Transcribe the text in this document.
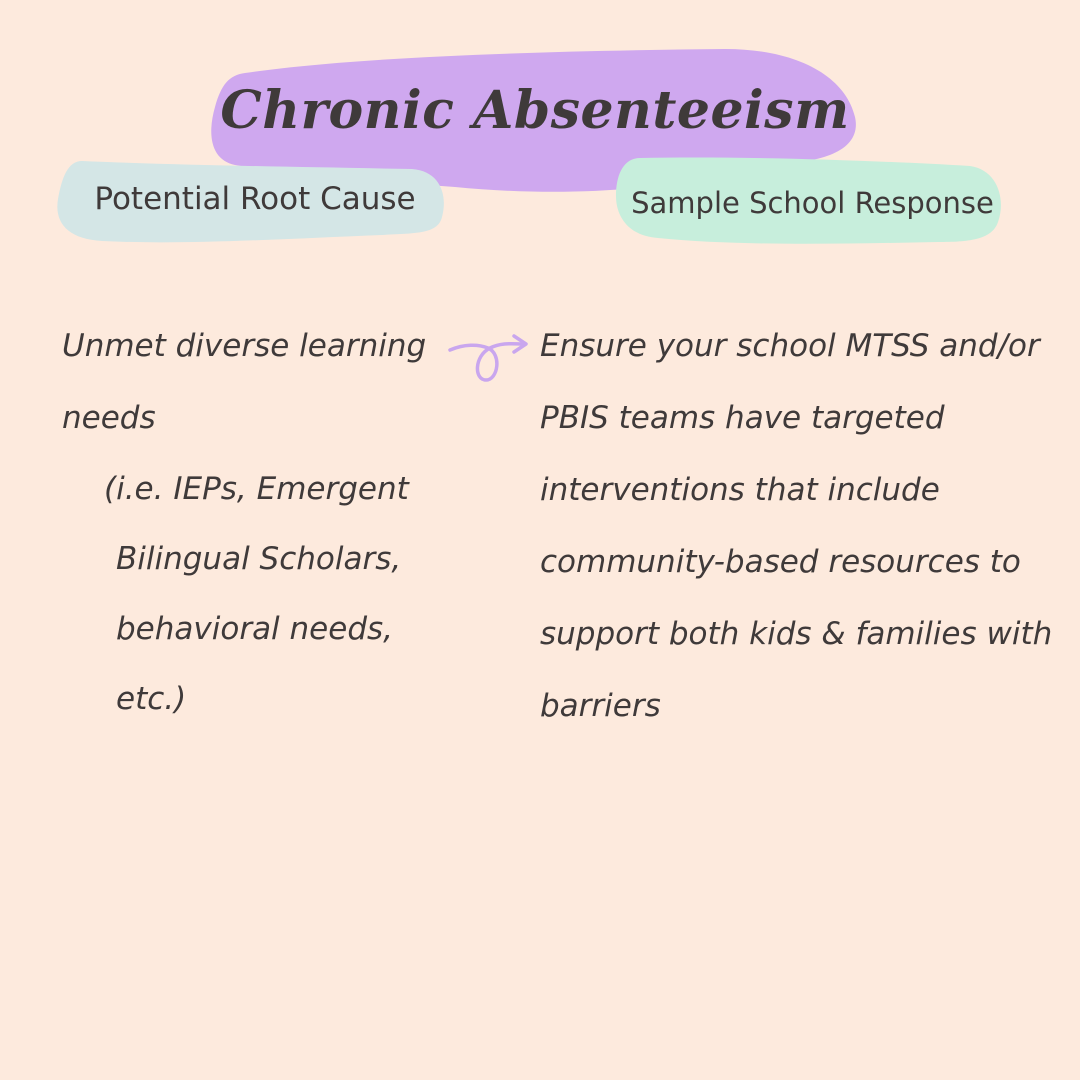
Chronic Absenteeism
Potential Root Cause	Sample School Response
Unmet diverse learning needs
(i.e. IEPs, Emergent Bilingual Scholars, behavioral needs, etc.)
Ensure your school MTSS and/or PBIS teams have targeted interventions that include community-based resources to support both kids & families with barriers
